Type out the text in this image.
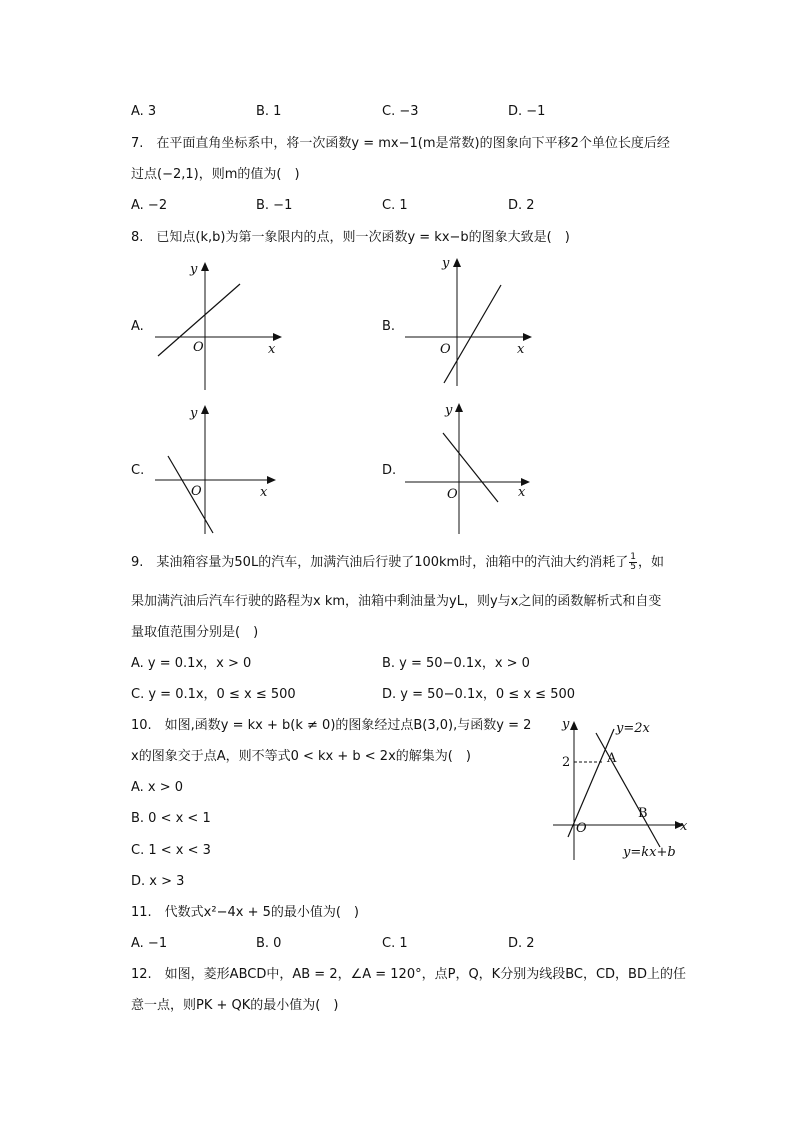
A. 3	B. 1	C. −3	D. −1
7.　在平面直角坐标系中，将一次函数y = mx−1(m是常数)的图象向下平移2个单位长度后经
过点(−2,1)，则m的值为(　)
A. −2	B. −1	C. 1	D. 2
8.　已知点(k,b)为第一象限内的点，则一次函数y = kx−b的图象大致是(　)
A.
y
x
O
B.
y
x
O
C.
y
x
O
D.
y
x
O
9.　某油箱容量为50L的汽车，加满汽油后行驶了100km时，油箱中的汽油大约消耗了 $\frac{1}{5}$ ，如
果加满汽油后汽车行驶的路程为x km，油箱中剩油量为yL，则y与x之间的函数解析式和自变
量取值范围分别是(　)
A. y = 0.1x，x > 0	B. y = 50−0.1x，x > 0
C. y = 0.1x，0 ≤ x ≤ 500	D. y = 50−0.1x，0 ≤ x ≤ 500
10.　如图,函数y = kx + b(k ≠ 0)的图象经过点B(3,0),与函数y = 2
x的图象交于点A，则不等式0 < kx + b < 2x的解集为(　)
A. x > 0
B. 0 < x < 1
C. 1 < x < 3
D. x > 3
y	y=2x
A
2
B
x
O
y=kx+b
11.　代数式x²−4x + 5的最小值为(　)
A. −1	B. 0	C. 1	D. 2
12.　如图，菱形ABCD中，AB = 2，∠A = 120°，点P，Q，K分别为线段BC，CD，BD上的任
意一点，则PK + QK的最小值为(　)
